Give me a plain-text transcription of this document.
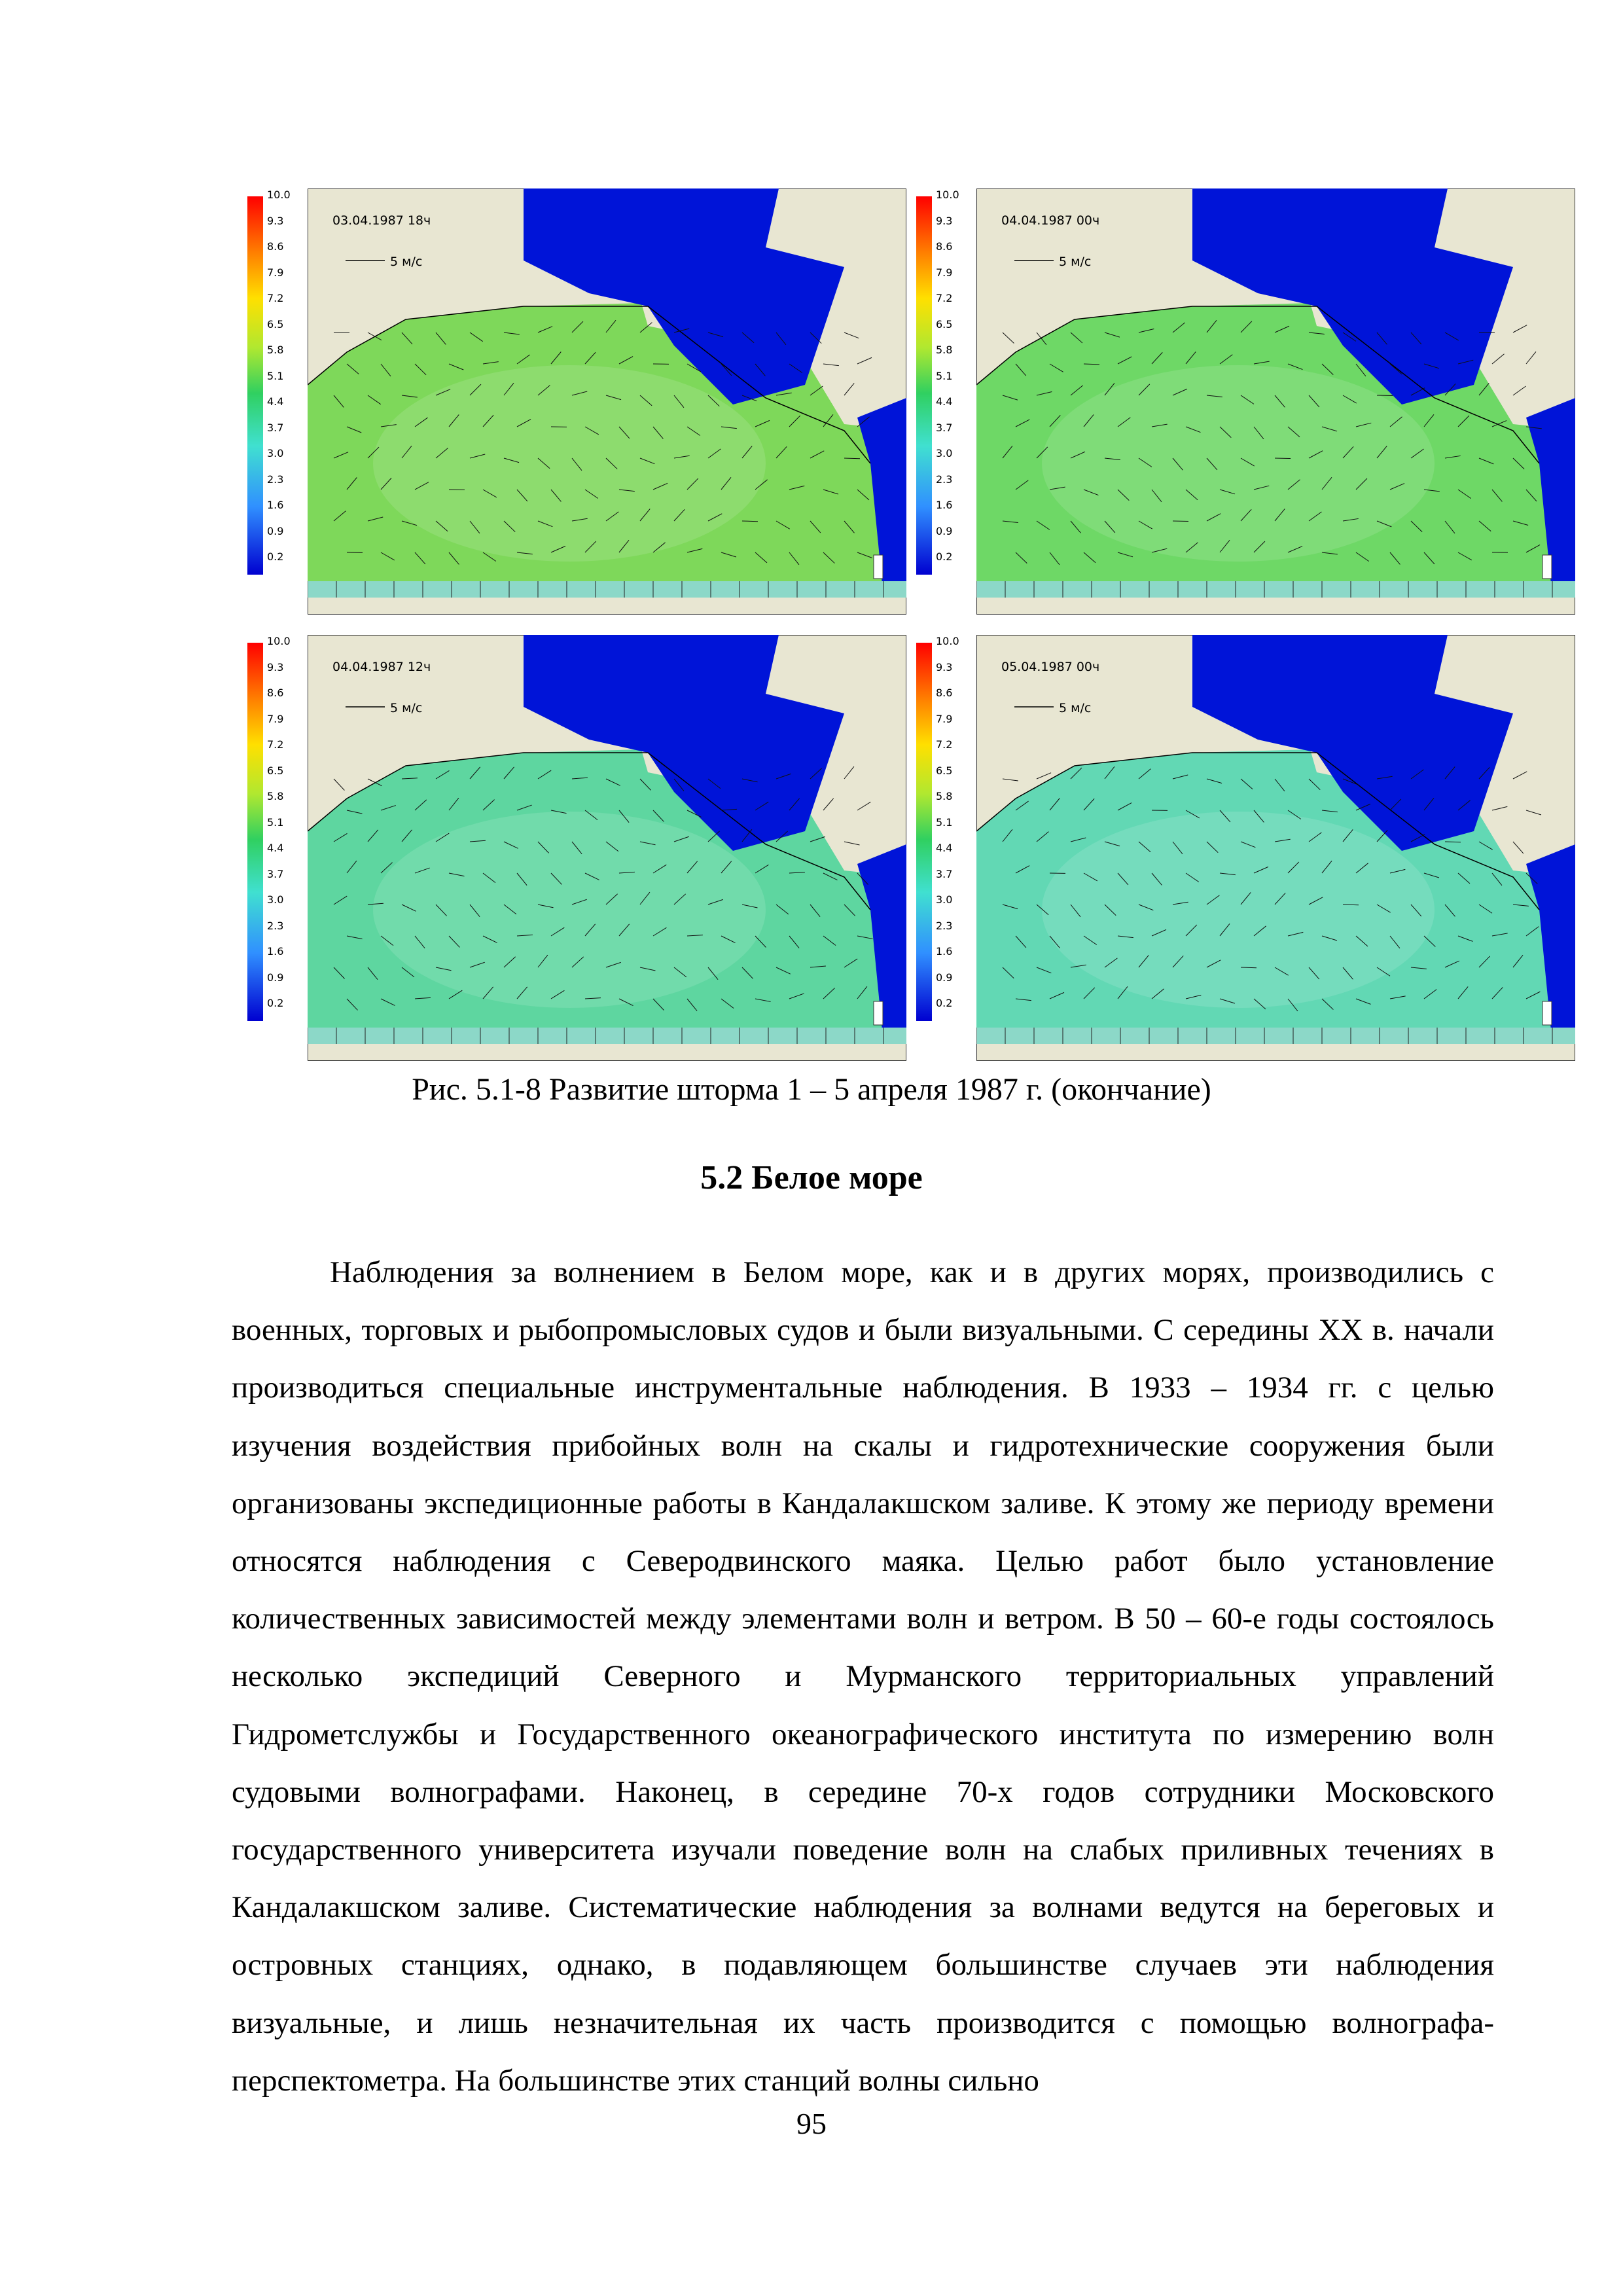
10.0
9.3
8.6
7.9
7.2
6.5
5.8
5.1
4.4
3.7
3.0
2.3
1.6
0.9
0.2
03.04.1987 18ч
5 м/с
10.0
9.3
8.6
7.9
7.2
6.5
5.8
5.1
4.4
3.7
3.0
2.3
1.6
0.9
0.2
04.04.1987 00ч
5 м/с
10.0
9.3
8.6
7.9
7.2
6.5
5.8
5.1
4.4
3.7
3.0
2.3
1.6
0.9
0.2
04.04.1987 12ч
5 м/с
10.0
9.3
8.6
7.9
7.2
6.5
5.8
5.1
4.4
3.7
3.0
2.3
1.6
0.9
0.2
05.04.1987 00ч
5 м/с
Рис. 5.1-8 Развитие шторма 1 – 5 апреля 1987 г. (окончание)
5.2 Белое море
Наблюдения за волнением в Белом море, как и в других морях, производились с военных, торговых и рыбопромысловых судов и были визуальными. С середины XX в. начали производиться специальные инструментальные наблюдения. В 1933 – 1934 гг. с целью изучения воздействия прибойных волн на скалы и гидротехнические сооружения были организованы экспедиционные работы в Кандалакшском заливе. К этому же периоду времени относятся наблюдения с Северодвинского маяка. Целью работ было установление количественных зависимостей между элементами волн и ветром. В 50 – 60-е годы состоялось несколько экспедиций Северного и Мурманского территориальных управлений Гидрометслужбы и Государственного океанографического института по измерению волн судовыми волнографами. Наконец, в середине 70-х годов сотрудники Московского государственного университета изучали поведение волн на слабых приливных течениях в Кандалакшском заливе. Систематические наблюдения за волнами ведутся на береговых и островных станциях, однако, в подавляющем большинстве случаев эти наблюдения визуальные, и лишь незначительная их часть производится с помощью волнографа-перспектометра. На большинстве этих станций волны сильно
95
